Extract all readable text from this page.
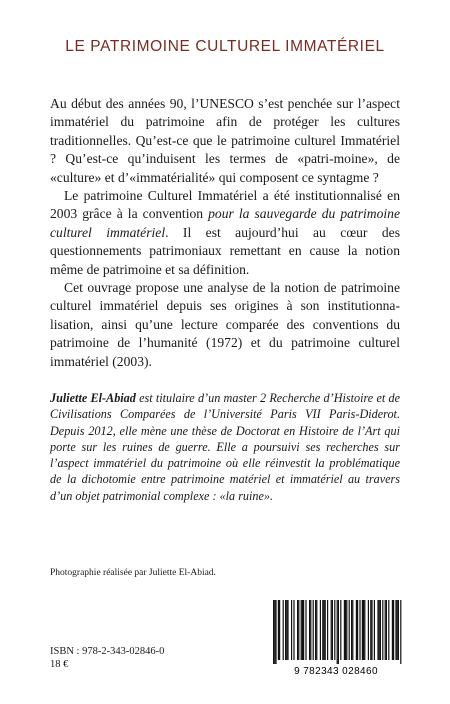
LE PATRIMOINE CULTUREL IMMATÉRIEL

Au début des années 90, l’UNESCO s’est penchée sur l’aspect immatériel du patrimoine afin de protéger les cultures traditionnelles. Qu’est-ce que le patrimoine culturel Immatériel ? Qu’est-ce qu’induisent les termes de «patri-moine», de «culture» et d’«immatérialité» qui composent ce syntagme ?

Le patrimoine Culturel Immatériel a été institutionnalisé en 2003 grâce à la convention pour la sauvegarde du patrimoine culturel immatériel. Il est aujourd’hui au cœur des questionnements patrimoniaux remettant en cause la notion même de patrimoine et sa définition.

Cet ouvrage propose une analyse de la notion de patrimoine culturel immatériel depuis ses origines à son institutionna-lisation, ainsi qu’une lecture comparée des conventions du patrimoine de l’humanité (1972) et du patrimoine culturel immatériel (2003).

Juliette El-Abiad est titulaire d’un master 2 Recherche d’Histoire et de Civilisations Comparées de l’Université Paris VII Paris-Diderot. Depuis 2012, elle mène une thèse de Doctorat en Histoire de l’Art qui porte sur les ruines de guerre. Elle a poursuivi ses recherches sur l’aspect immatériel du patrimoine où elle réinvestit la problématique de la dichotomie entre patrimoine matériel et immatériel au travers d’un objet patrimonial complexe : «la ruine».
Photographie réalisée par Juliette El-Abiad.
ISBN : 978-2-343-02846-0
18 €
9 782343 028460
